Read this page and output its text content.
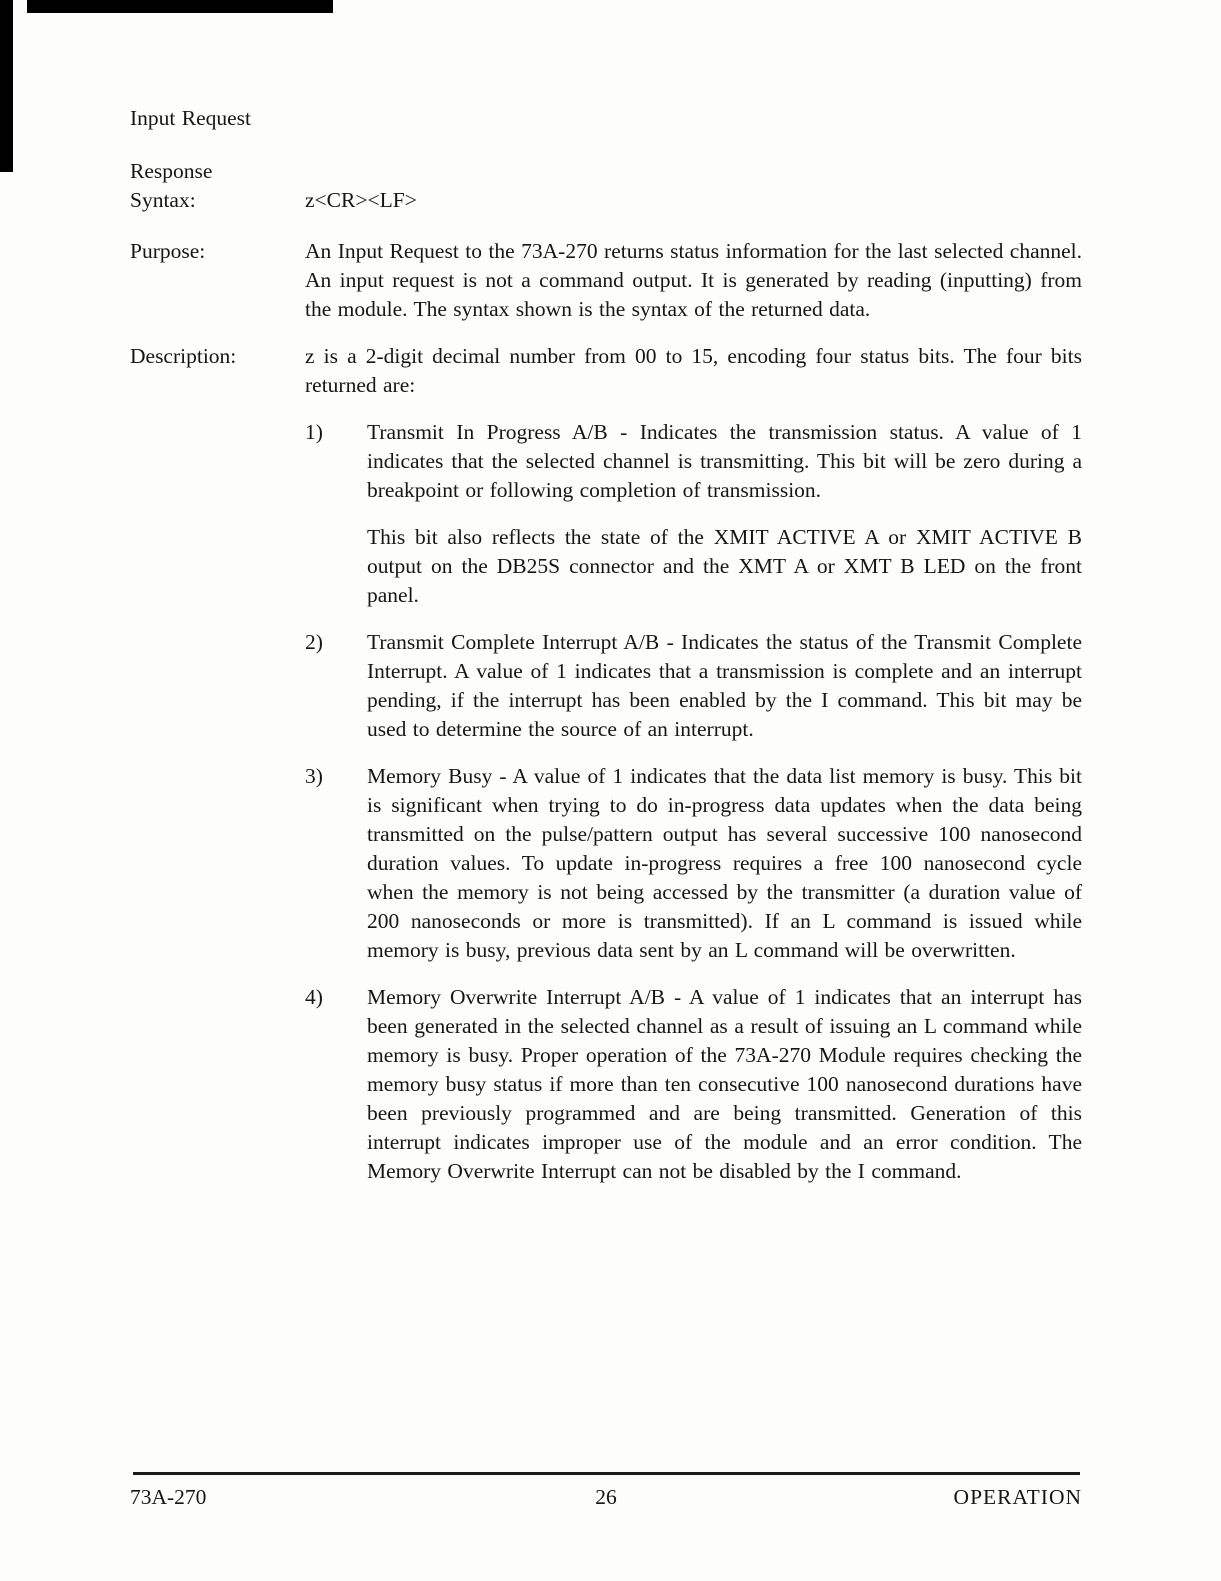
Input Request
Response
Syntax:	z<CR><LF>
Purpose:	An Input Request to the 73A-270 returns status information for the last selected channel. An input request is not a command output. It is generated by reading (inputting) from the module. The syntax shown is the syntax of the returned data.
Description:	z is a 2-digit decimal number from 00 to 15, encoding four status bits. The four bits returned are:
1)	Transmit In Progress A/B - Indicates the transmission status. A value of 1 indicates that the selected channel is transmitting. This bit will be zero during a breakpoint or following completion of transmission.

This bit also reflects the state of the XMIT ACTIVE A or XMIT ACTIVE B output on the DB25S connector and the XMT A or XMT B LED on the front panel.

2)	Transmit Complete Interrupt A/B - Indicates the status of the Transmit Complete Interrupt. A value of 1 indicates that a transmission is complete and an interrupt pending, if the interrupt has been enabled by the I command. This bit may be used to determine the source of an interrupt.

3)	Memory Busy - A value of 1 indicates that the data list memory is busy. This bit is significant when trying to do in-progress data updates when the data being transmitted on the pulse/pattern output has several successive 100 nanosecond duration values. To update in-progress requires a free 100 nanosecond cycle when the memory is not being accessed by the transmitter (a duration value of 200 nanoseconds or more is transmitted). If an L command is issued while memory is busy, previous data sent by an L command will be overwritten.

4)	Memory Overwrite Interrupt A/B - A value of 1 indicates that an interrupt has been generated in the selected channel as a result of issuing an L command while memory is busy. Proper operation of the 73A-270 Module requires checking the memory busy status if more than ten consecutive 100 nanosecond durations have been previously programmed and are being transmitted. Generation of this interrupt indicates improper use of the module and an error condition. The Memory Overwrite Interrupt can not be disabled by the I command.

73A-270	26	OPERATION
